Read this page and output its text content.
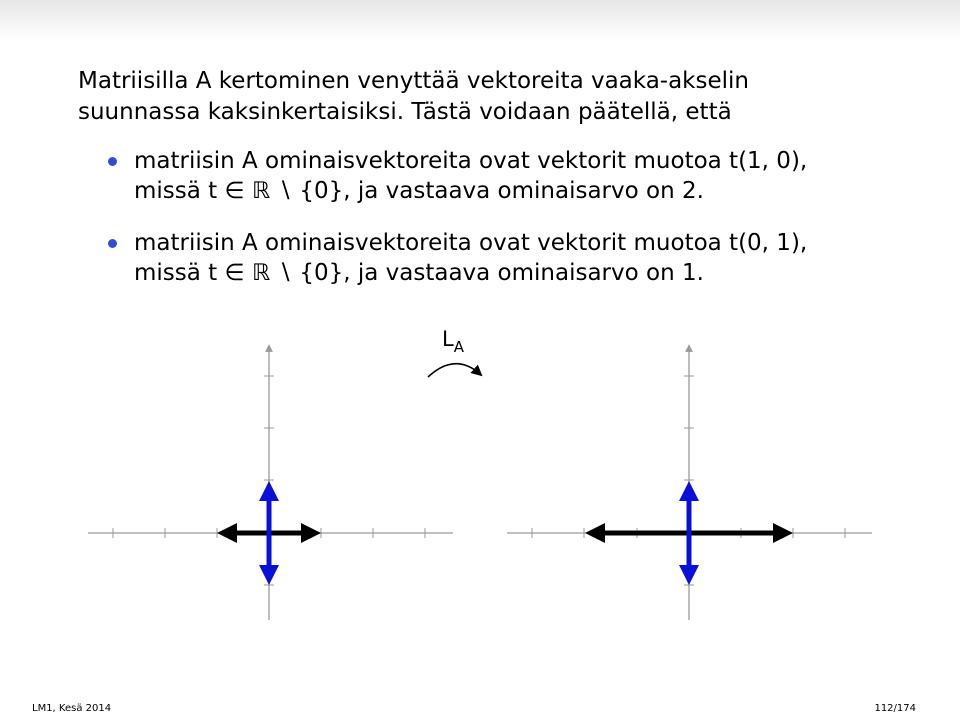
Matriisilla A kertominen venyttää vektoreita vaaka-akselin
suunnassa kaksinkertaisiksi. Tästä voidaan päätellä, että
matriisin A ominaisvektoreita ovat vektorit muotoa t(1, 0),
missä t ∈ ℝ ∖ {0}, ja vastaava ominaisarvo on 2.
matriisin A ominaisvektoreita ovat vektorit muotoa t(0, 1),
missä t ∈ ℝ ∖ {0}, ja vastaava ominaisarvo on 1.
$L_A$
LM1, Kesä 2014	112/174
